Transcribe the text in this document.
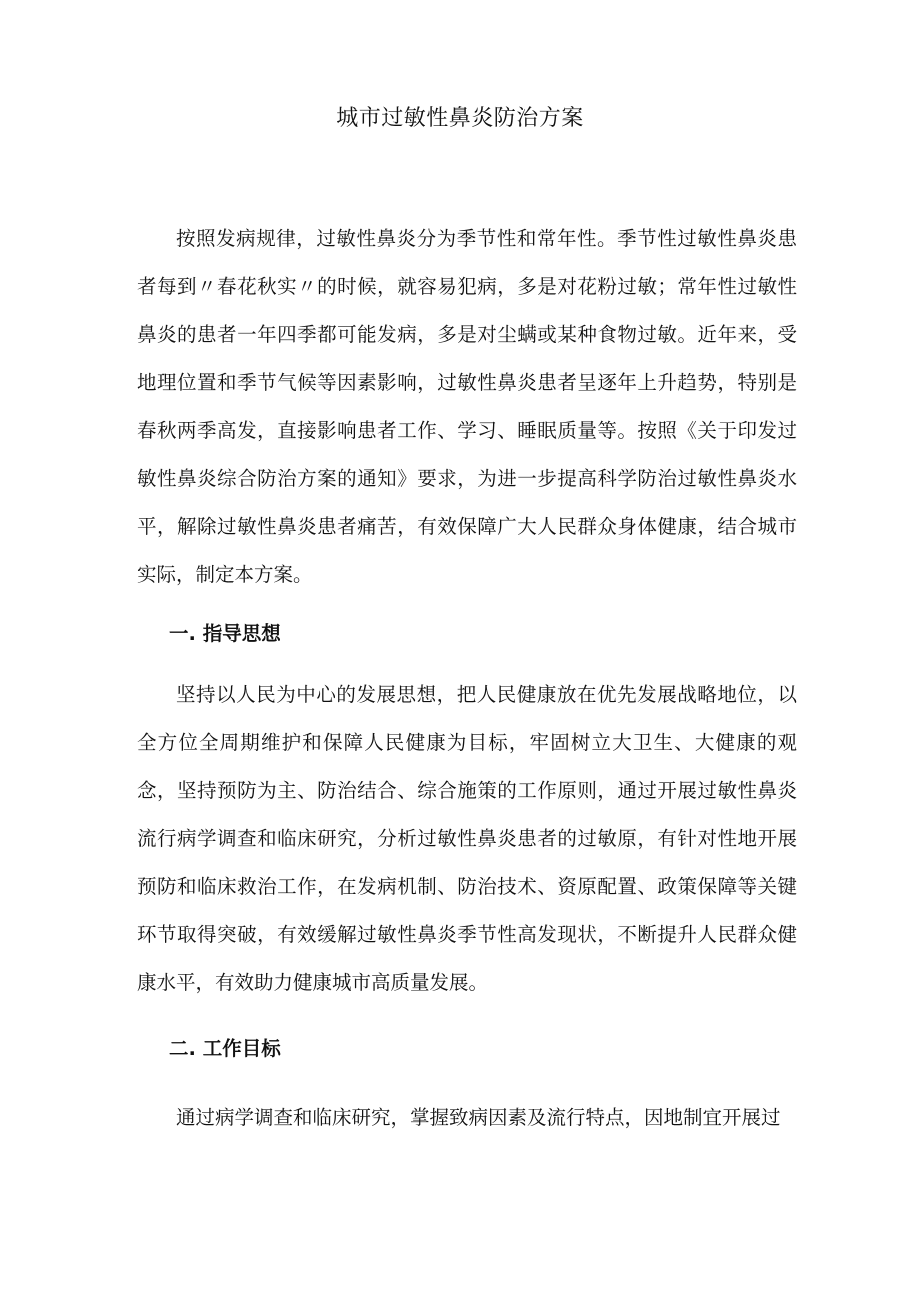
城市过敏性鼻炎防治方案

按照发病规律，过敏性鼻炎分为季节性和常年性。季节性过敏性鼻炎患者每到〃春花秋实〃的时候，就容易犯病，多是对花粉过敏；常年性过敏性鼻炎的患者一年四季都可能发病，多是对尘螨或某种食物过敏。近年来，受地理位置和季节气候等因素影响，过敏性鼻炎患者呈逐年上升趋势，特别是春秋两季高发，直接影响患者工作、学习、睡眠质量等。按照《关于印发过敏性鼻炎综合防治方案的通知》要求，为进一步提高科学防治过敏性鼻炎水平，解除过敏性鼻炎患者痛苦，有效保障广大人民群众身体健康，结合城市实际，制定本方案。

一. 指导思想

坚持以人民为中心的发展思想，把人民健康放在优先发展战略地位，以全方位全周期维护和保障人民健康为目标，牢固树立大卫生、大健康的观念，坚持预防为主、防治结合、综合施策的工作原则，通过开展过敏性鼻炎流行病学调查和临床研究，分析过敏性鼻炎患者的过敏原，有针对性地开展预防和临床救治工作，在发病机制、防治技术、资原配置、政策保障等关键环节取得突破，有效缓解过敏性鼻炎季节性高发现状，不断提升人民群众健康水平，有效助力健康城市高质量发展。

二. 工作目标

通过病学调查和临床研究，掌握致病因素及流行特点，因地制宜开展过
